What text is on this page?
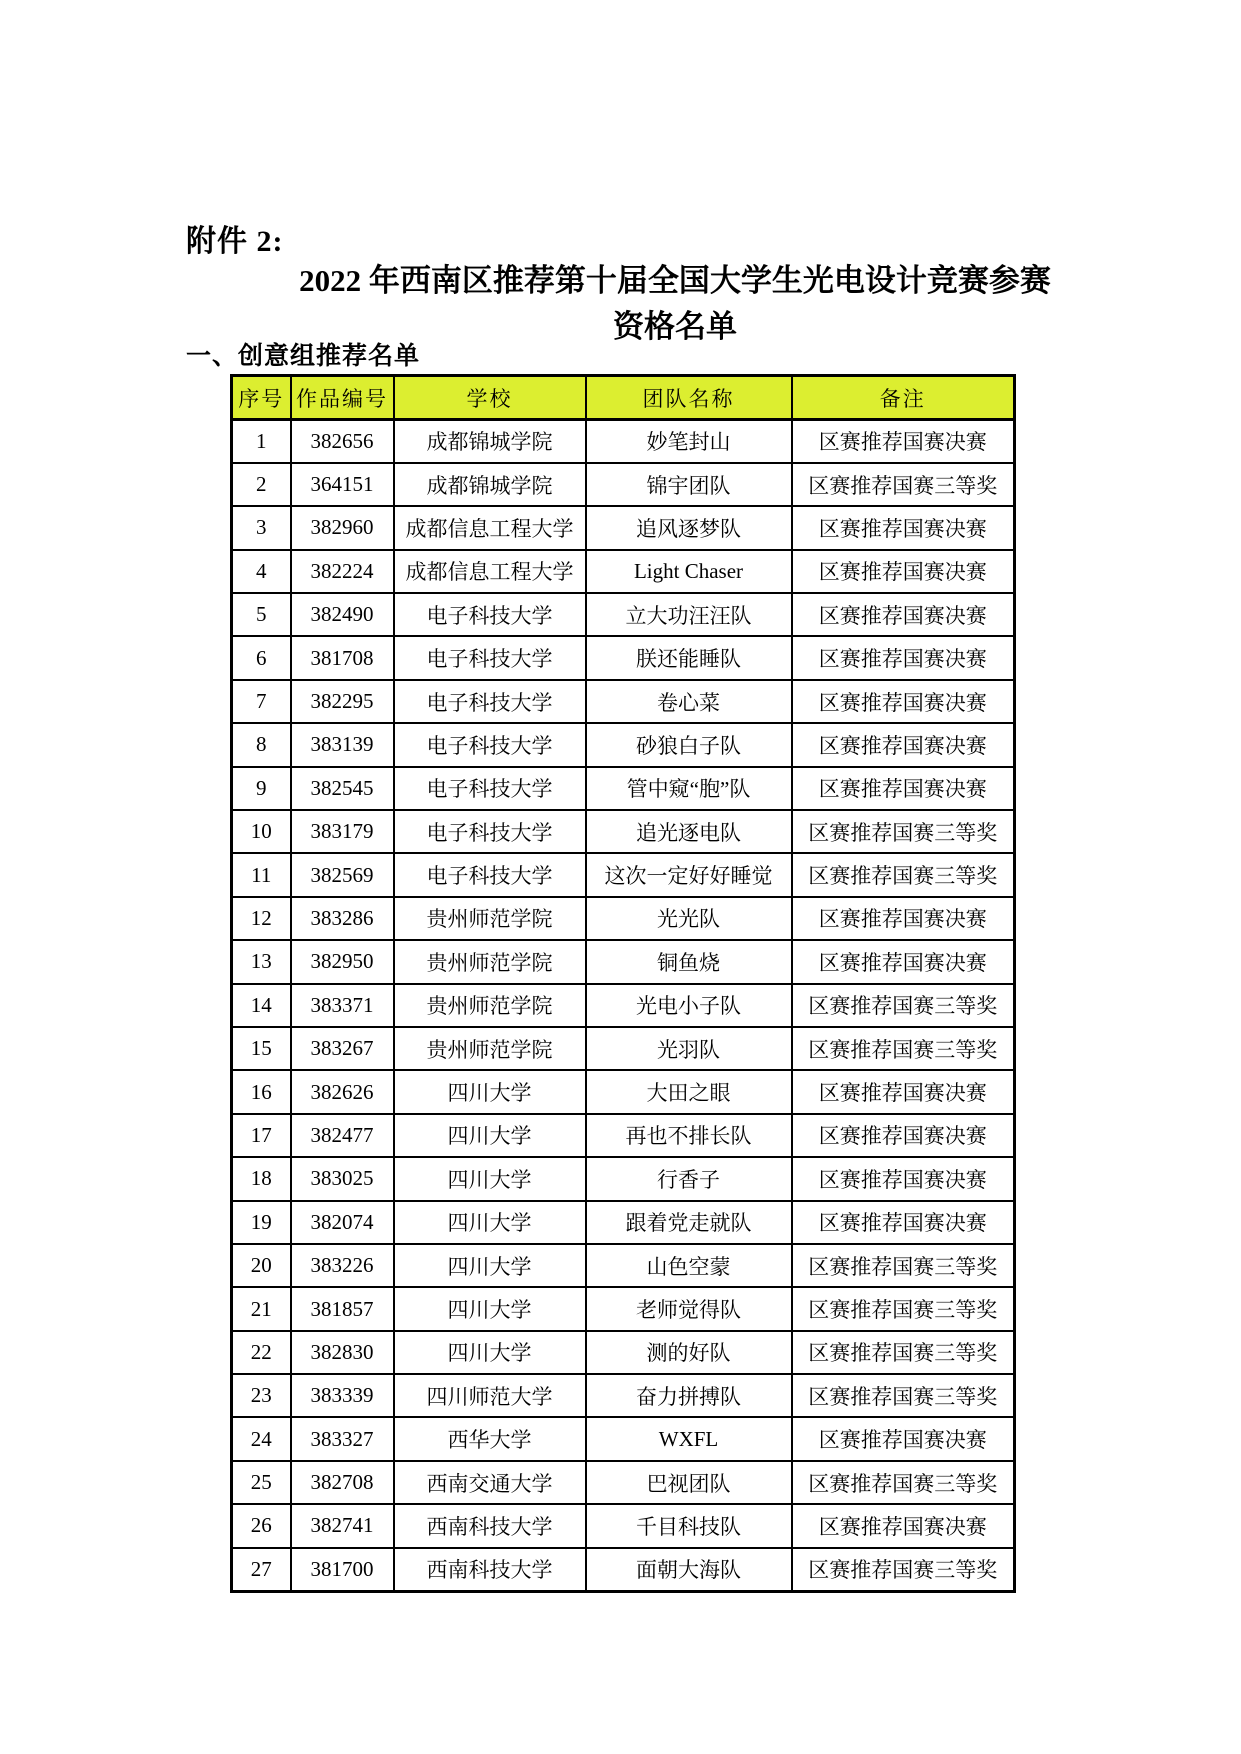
附件 2:
2022 年西南区推荐第十届全国大学生光电设计竞赛参赛
资格名单
一、创意组推荐名单
序号	作品编号	学校	团队名称	备注
1	382656	成都锦城学院	妙笔封山	区赛推荐国赛决赛
2	364151	成都锦城学院	锦宇团队	区赛推荐国赛三等奖
3	382960	成都信息工程大学	追风逐梦队	区赛推荐国赛决赛
4	382224	成都信息工程大学	Light Chaser	区赛推荐国赛决赛
5	382490	电子科技大学	立大功汪汪队	区赛推荐国赛决赛
6	381708	电子科技大学	朕还能睡队	区赛推荐国赛决赛
7	382295	电子科技大学	卷心菜	区赛推荐国赛决赛
8	383139	电子科技大学	砂狼白子队	区赛推荐国赛决赛
9	382545	电子科技大学	管中窥“胞”队	区赛推荐国赛决赛
10	383179	电子科技大学	追光逐电队	区赛推荐国赛三等奖
11	382569	电子科技大学	这次一定好好睡觉	区赛推荐国赛三等奖
12	383286	贵州师范学院	光光队	区赛推荐国赛决赛
13	382950	贵州师范学院	铜鱼烧	区赛推荐国赛决赛
14	383371	贵州师范学院	光电小子队	区赛推荐国赛三等奖
15	383267	贵州师范学院	光羽队	区赛推荐国赛三等奖
16	382626	四川大学	大田之眼	区赛推荐国赛决赛
17	382477	四川大学	再也不排长队	区赛推荐国赛决赛
18	383025	四川大学	行香子	区赛推荐国赛决赛
19	382074	四川大学	跟着党走就队	区赛推荐国赛决赛
20	383226	四川大学	山色空蒙	区赛推荐国赛三等奖
21	381857	四川大学	老师觉得队	区赛推荐国赛三等奖
22	382830	四川大学	测的好队	区赛推荐国赛三等奖
23	383339	四川师范大学	奋力拼搏队	区赛推荐国赛三等奖
24	383327	西华大学	WXFL	区赛推荐国赛决赛
25	382708	西南交通大学	巴视团队	区赛推荐国赛三等奖
26	382741	西南科技大学	千目科技队	区赛推荐国赛决赛
27	381700	西南科技大学	面朝大海队	区赛推荐国赛三等奖
